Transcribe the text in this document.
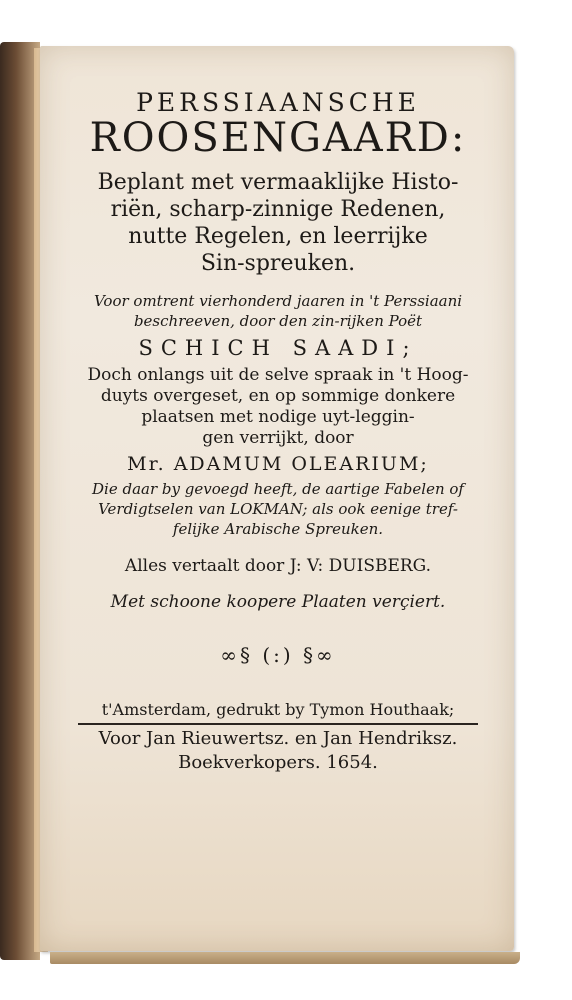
PERSSIAANSCHE
ROOSENGAARD:
Beplant met vermaaklijke Histo-
riën, scharp-zinnige Redenen,
nutte Regelen, en leerrijke
Sin-spreuken.
Voor omtrent vierhonderd jaaren in 't Perssiaani
beschreeven, door den zin-rijken Poët
SCHICH SAADI;
Doch onlangs uit de selve spraak in 't Hoog-
duyts overgeset, en op sommige donkere
plaatsen met nodige uyt-leggin-
gen verrijkt, door
Mr. ADAMUM OLEARIUM;
Die daar by gevoegd heeft, de aartige Fabelen of
Verdigtselen van LOKMAN; als ook eenige tref-
felijke Arabische Spreuken.
Alles vertaalt door J: V: DUISBERG.
Met schoone koopere Plaaten verçiert.
∞§ (:) §∞
t'Amsterdam, gedrukt by Tymon Houthaak;
Voor Jan Rieuwertsz. en Jan Hendriksz.
Boekverkopers. 1654.
